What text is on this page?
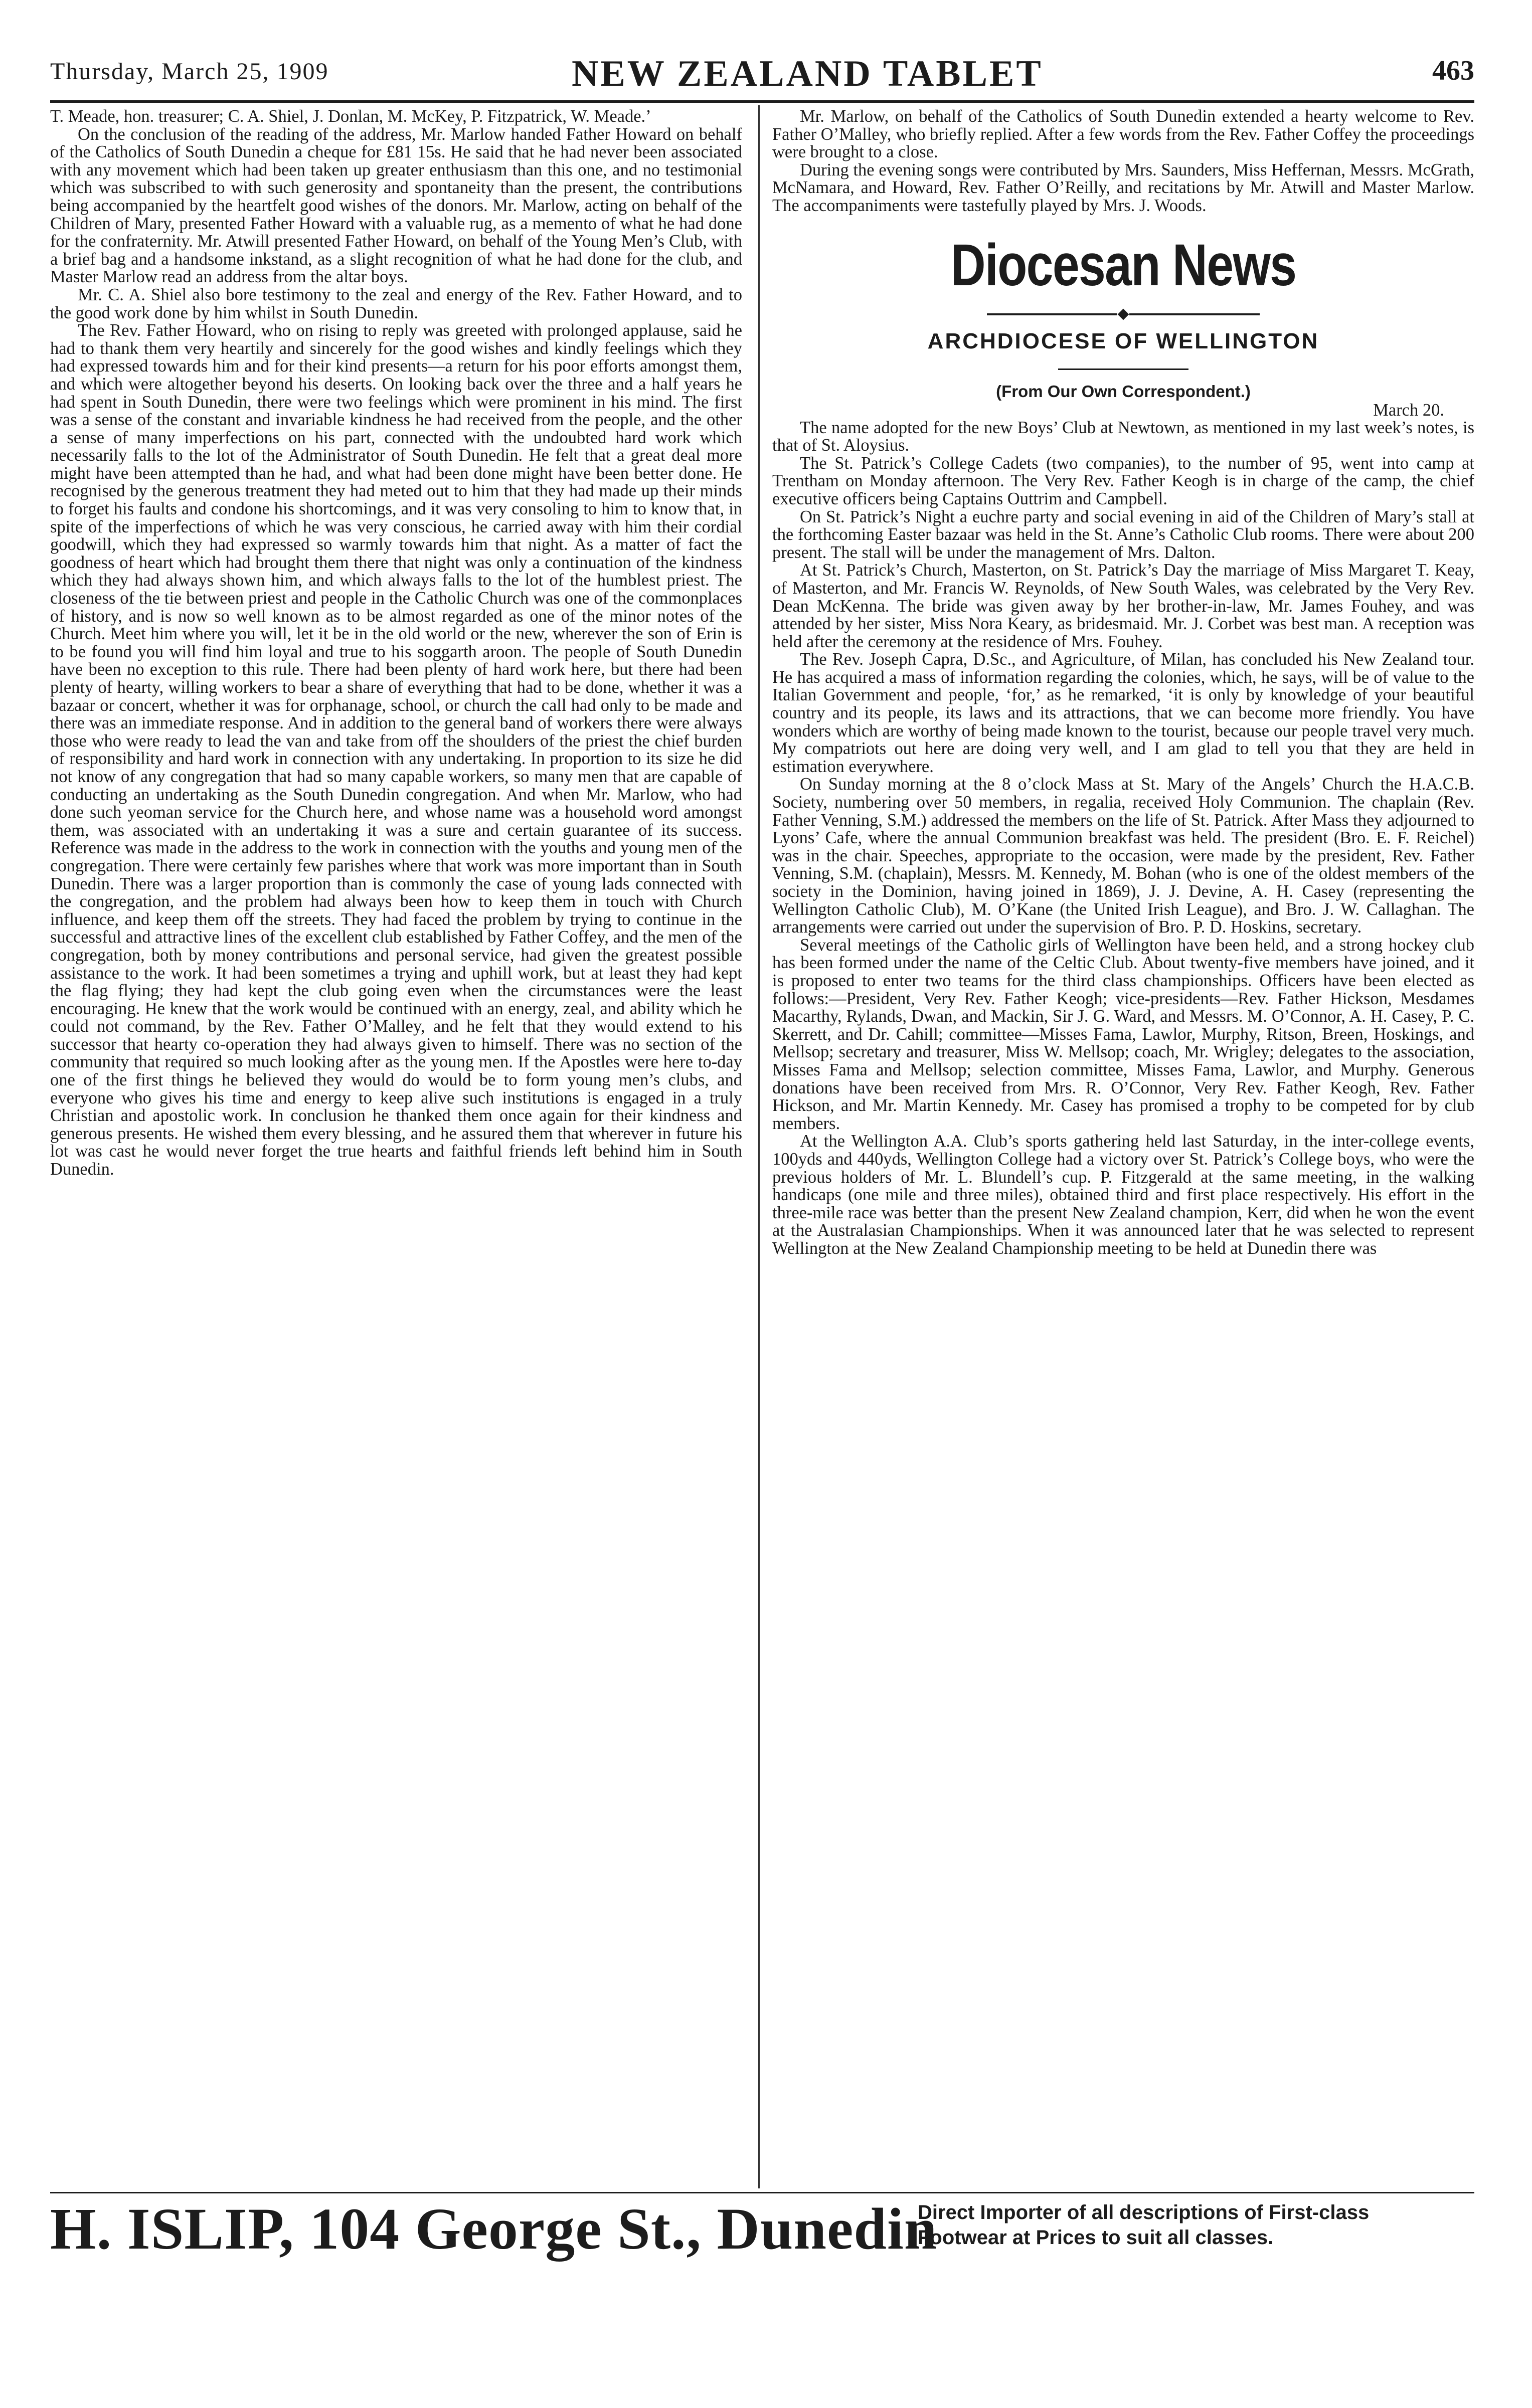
Thursday, March 25, 1909	NEW ZEALAND TABLET	463

T. Meade, hon. treasurer; C. A. Shiel, J. Donlan, M. McKey, P. Fitzpatrick, W. Meade.’

On the conclusion of the reading of the address, Mr. Marlow handed Father Howard on behalf of the Catholics of South Dunedin a cheque for £81 15s. He said that he had never been associated with any movement which had been taken up greater enthusiasm than this one, and no testimonial which was subscribed to with such generosity and spontaneity than the present, the contributions being accompanied by the heartfelt good wishes of the donors. Mr. Marlow, acting on behalf of the Children of Mary, presented Father Howard with a valuable rug, as a memento of what he had done for the confraternity. Mr. Atwill presented Father Howard, on behalf of the Young Men’s Club, with a brief bag and a handsome inkstand, as a slight recognition of what he had done for the club, and Master Marlow read an address from the altar boys.

Mr. C. A. Shiel also bore testimony to the zeal and energy of the Rev. Father Howard, and to the good work done by him whilst in South Dunedin.

The Rev. Father Howard, who on rising to reply was greeted with prolonged applause, said he had to thank them very heartily and sincerely for the good wishes and kindly feelings which they had expressed towards him and for their kind presents—a return for his poor efforts amongst them, and which were altogether beyond his deserts. On looking back over the three and a half years he had spent in South Dunedin, there were two feelings which were prominent in his mind. The first was a sense of the constant and invariable kindness he had received from the people, and the other a sense of many imperfections on his part, connected with the undoubted hard work which necessarily falls to the lot of the Administrator of South Dunedin. He felt that a great deal more might have been attempted than he had, and what had been done might have been better done. He recognised by the generous treatment they had meted out to him that they had made up their minds to forget his faults and condone his shortcomings, and it was very consoling to him to know that, in spite of the imperfections of which he was very conscious, he carried away with him their cordial goodwill, which they had expressed so warmly towards him that night. As a matter of fact the goodness of heart which had brought them there that night was only a continuation of the kindness which they had always shown him, and which always falls to the lot of the humblest priest. The closeness of the tie between priest and people in the Catholic Church was one of the commonplaces of history, and is now so well known as to be almost regarded as one of the minor notes of the Church. Meet him where you will, let it be in the old world or the new, wherever the son of Erin is to be found you will find him loyal and true to his soggarth aroon. The people of South Dunedin have been no exception to this rule. There had been plenty of hard work here, but there had been plenty of hearty, willing workers to bear a share of everything that had to be done, whether it was a bazaar or concert, whether it was for orphanage, school, or church the call had only to be made and there was an immediate response. And in addition to the general band of workers there were always those who were ready to lead the van and take from off the shoulders of the priest the chief burden of responsibility and hard work in connection with any undertaking. In proportion to its size he did not know of any congregation that had so many capable workers, so many men that are capable of conducting an undertaking as the South Dunedin congregation. And when Mr. Marlow, who had done such yeoman service for the Church here, and whose name was a household word amongst them, was associated with an undertaking it was a sure and certain guarantee of its success. Reference was made in the address to the work in connection with the youths and young men of the congregation. There were certainly few parishes where that work was more important than in South Dunedin. There was a larger proportion than is commonly the case of young lads connected with the congregation, and the problem had always been how to keep them in touch with Church influence, and keep them off the streets. They had faced the problem by trying to continue in the successful and attractive lines of the excellent club established by Father Coffey, and the men of the congregation, both by money contributions and personal service, had given the greatest possible assistance to the work. It had been sometimes a trying and uphill work, but at least they had kept the flag flying; they had kept the club going even when the circumstances were the least encouraging. He knew that the work would be continued with an energy, zeal, and ability which he could not command, by the Rev. Father O’Malley, and he felt that they would extend to his successor that hearty co-operation they had always given to himself. There was no section of the community that required so much looking after as the young men. If the Apostles were here to-day one of the first things he believed they would do would be to form young men’s clubs, and everyone who gives his time and energy to keep alive such institutions is engaged in a truly Christian and apostolic work. In conclusion he thanked them once again for their kindness and generous presents. He wished them every blessing, and he assured them that wherever in future his lot was cast he would never forget the true hearts and faithful friends left behind him in South Dunedin.

Mr. Marlow, on behalf of the Catholics of South Dunedin extended a hearty welcome to Rev. Father O’Malley, who briefly replied. After a few words from the Rev. Father Coffey the proceedings were brought to a close.

During the evening songs were contributed by Mrs. Saunders, Miss Heffernan, Messrs. McGrath, McNamara, and Howard, Rev. Father O’Reilly, and recitations by Mr. Atwill and Master Marlow. The accompaniments were tastefully played by Mrs. J. Woods.

Diocesan News
ARCHDIOCESE OF WELLINGTON
(From Our Own Correspondent.)
March 20.

The name adopted for the new Boys’ Club at Newtown, as mentioned in my last week’s notes, is that of St. Aloysius.

The St. Patrick’s College Cadets (two companies), to the number of 95, went into camp at Trentham on Monday afternoon. The Very Rev. Father Keogh is in charge of the camp, the chief executive officers being Captains Outtrim and Campbell.

On St. Patrick’s Night a euchre party and social evening in aid of the Children of Mary’s stall at the forthcoming Easter bazaar was held in the St. Anne’s Catholic Club rooms. There were about 200 present. The stall will be under the management of Mrs. Dalton.

At St. Patrick’s Church, Masterton, on St. Patrick’s Day the marriage of Miss Margaret T. Keay, of Masterton, and Mr. Francis W. Reynolds, of New South Wales, was celebrated by the Very Rev. Dean McKenna. The bride was given away by her brother-in-law, Mr. James Fouhey, and was attended by her sister, Miss Nora Keary, as bridesmaid. Mr. J. Corbet was best man. A reception was held after the ceremony at the residence of Mrs. Fouhey.

The Rev. Joseph Capra, D.Sc., and Agriculture, of Milan, has concluded his New Zealand tour. He has acquired a mass of information regarding the colonies, which, he says, will be of value to the Italian Government and people, ‘for,’ as he remarked, ‘it is only by knowledge of your beautiful country and its people, its laws and its attractions, that we can become more friendly. You have wonders which are worthy of being made known to the tourist, because our people travel very much. My compatriots out here are doing very well, and I am glad to tell you that they are held in estimation everywhere.

On Sunday morning at the 8 o’clock Mass at St. Mary of the Angels’ Church the H.A.C.B. Society, numbering over 50 members, in regalia, received Holy Communion. The chaplain (Rev. Father Venning, S.M.) addressed the members on the life of St. Patrick. After Mass they adjourned to Lyons’ Cafe, where the annual Communion breakfast was held. The president (Bro. E. F. Reichel) was in the chair. Speeches, appropriate to the occasion, were made by the president, Rev. Father Venning, S.M. (chaplain), Messrs. M. Kennedy, M. Bohan (who is one of the oldest members of the society in the Dominion, having joined in 1869), J. J. Devine, A. H. Casey (representing the Wellington Catholic Club), M. O’Kane (the United Irish League), and Bro. J. W. Callaghan. The arrangements were carried out under the supervision of Bro. P. D. Hoskins, secretary.

Several meetings of the Catholic girls of Wellington have been held, and a strong hockey club has been formed under the name of the Celtic Club. About twenty-five members have joined, and it is proposed to enter two teams for the third class championships. Officers have been elected as follows:—President, Very Rev. Father Keogh; vice-presidents—Rev. Father Hickson, Mesdames Macarthy, Rylands, Dwan, and Mackin, Sir J. G. Ward, and Messrs. M. O’Connor, A. H. Casey, P. C. Skerrett, and Dr. Cahill; committee—Misses Fama, Lawlor, Murphy, Ritson, Breen, Hoskings, and Mellsop; secretary and treasurer, Miss W. Mellsop; coach, Mr. Wrigley; delegates to the association, Misses Fama and Mellsop; selection committee, Misses Fama, Lawlor, and Murphy. Generous donations have been received from Mrs. R. O’Connor, Very Rev. Father Keogh, Rev. Father Hickson, and Mr. Martin Kennedy. Mr. Casey has promised a trophy to be competed for by club members.

At the Wellington A.A. Club’s sports gathering held last Saturday, in the inter-college events, 100yds and 440yds, Wellington College had a victory over St. Patrick’s College boys, who were the previous holders of Mr. L. Blundell’s cup. P. Fitzgerald at the same meeting, in the walking handicaps (one mile and three miles), obtained third and first place respectively. His effort in the three-mile race was better than the present New Zealand champion, Kerr, did when he won the event at the Australasian Championships. When it was announced later that he was selected to represent Wellington at the New Zealand Championship meeting to be held at Dunedin there was

H. ISLIP, 104 George St., Dunedin
Direct Importer of all descriptions of First-class
Footwear at Prices to suit all classes.
